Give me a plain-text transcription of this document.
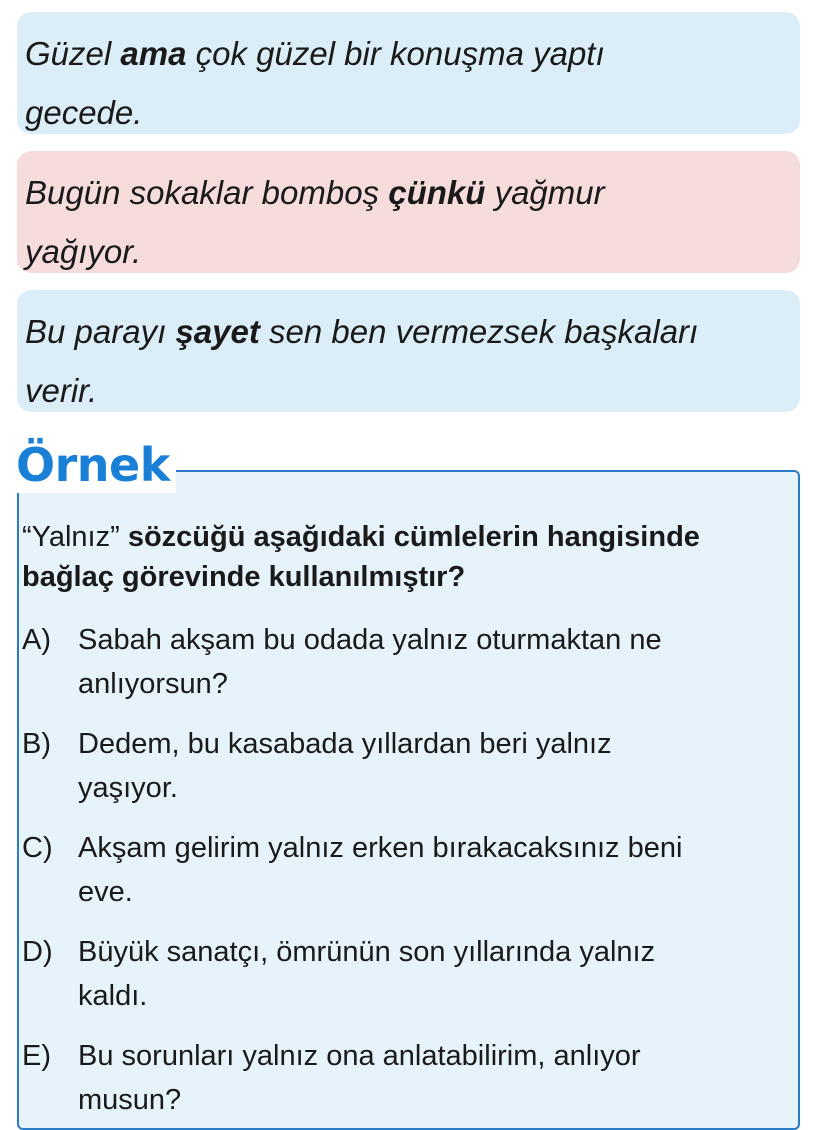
Güzel ama çok güzel bir konuşma yaptı
gecede.
Bugün sokaklar bomboş çünkü yağmur
yağıyor.
Bu parayı şayet sen ben vermezsek başkaları
verir.
Örnek
“Yalnız” sözcüğü aşağıdaki cümlelerin hangisinde
bağlaç görevinde kullanılmıştır?
A) Sabah akşam bu odada yalnız oturmaktan ne
anlıyorsun?
B) Dedem, bu kasabada yıllardan beri yalnız
yaşıyor.
C) Akşam gelirim yalnız erken bırakacaksınız beni
eve.
D) Büyük sanatçı, ömrünün son yıllarında yalnız
kaldı.
E) Bu sorunları yalnız ona anlatabilirim, anlıyor
musun?
